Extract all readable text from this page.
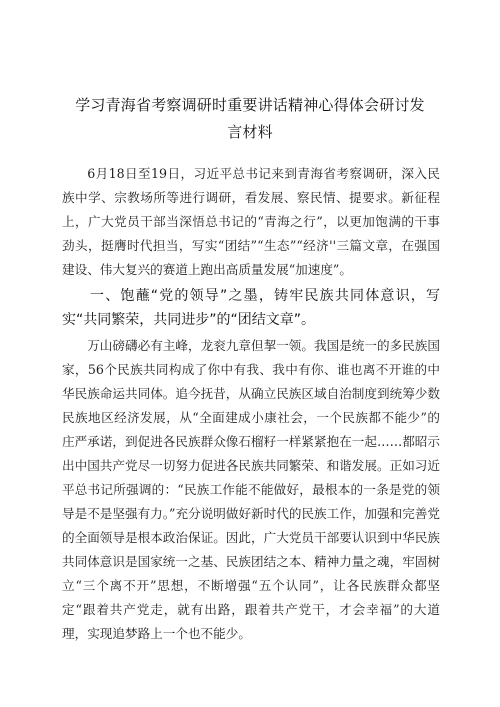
学习青海省考察调研时重要讲话精神心得体会研讨发
言材料

6月18日至19日，习近平总书记来到青海省考察调研，深入民族中学、宗教场所等进行调研，看发展、察民情、提要求。新征程上，广大党员干部当深悟总书记的“青海之行”，以更加饱满的干事劲头，挺膺时代担当，写实“团结”“生态”“经济''三篇文章，在强国建设、伟大复兴的赛道上跑出高质量发展“加速度”。

一、饱蘸“党的领导”之墨，铸牢民族共同体意识，写实“共同繁荣，共同进步”的“团结文章”。

万山磅礴必有主峰，龙衮九章但挈一领。我国是统一的多民族国家，56个民族共同构成了你中有我、我中有你、谁也离不开谁的中华民族命运共同体。追今抚昔，从确立民族区域自治制度到统筹少数民族地区经济发展，从“全面建成小康社会，一个民族都不能少”的庄严承诺，到促进各民族群众像石榴籽一样紧紧抱在一起……都昭示出中国共产党尽一切努力促进各民族共同繁荣、和谐发展。正如习近平总书记所强调的：“民族工作能不能做好，最根本的一条是党的领导是不是坚强有力。”充分说明做好新时代的民族工作，加强和完善党的全面领导是根本政治保证。因此，广大党员干部要认识到中华民族共同体意识是国家统一之基、民族团结之本、精神力量之魂，牢固树立“三个离不开”思想，不断增强“五个认同”，让各民族群众都坚定“跟着共产党走，就有出路，跟着共产党干，才会幸福”的大道理，实现追梦路上一个也不能少。
